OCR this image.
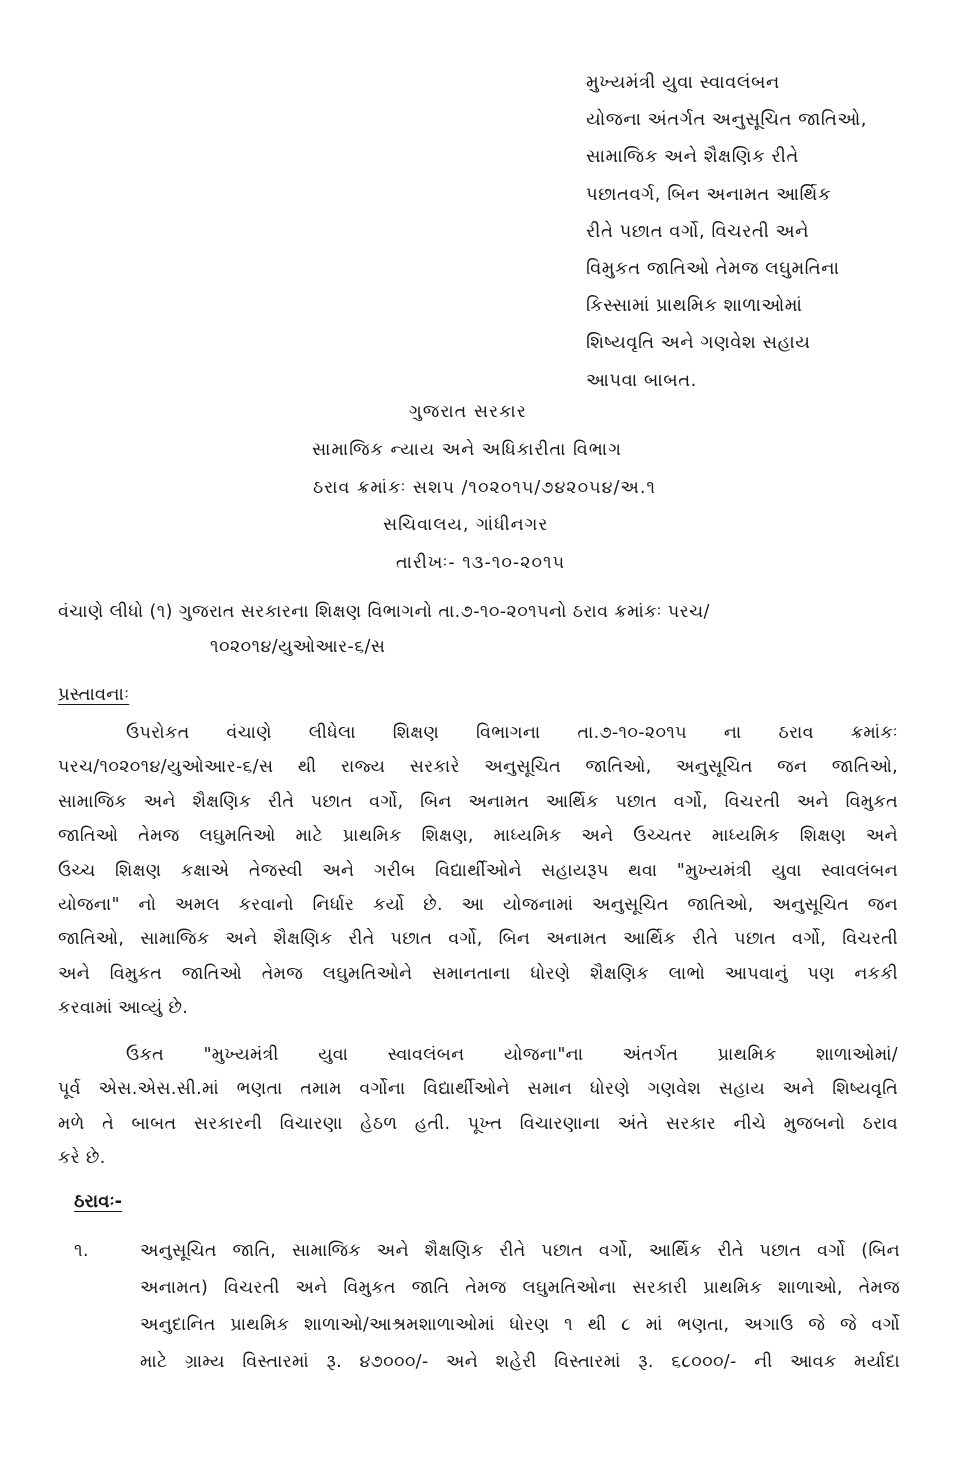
મુખ્યમંત્રી યુવા સ્વાવલંબન
યોજના અંતર્ગત અનુસૂચિત જાતિઓ,
સામાજિક અને શૈક્ષણિક રીતે
પછાતવર્ગ, બિન અનામત આર્થિક
રીતે પછાત વર્ગો, વિચરતી અને
વિમુકત જાતિઓ તેમજ લઘુમતિના
કિસ્સામાં પ્રાથમિક શાળાઓમાં
શિષ્યવૃતિ અને ગણવેશ સહાય
આપવા બાબત.
ગુજરાત સરકાર
સામાજિક ન્યાય અને અધિકારીતા વિભાગ
ઠરાવ ક્રમાંકઃ સશપ /૧૦૨૦૧૫/૭૪૨૦૫૪/અ.૧
સચિવાલય, ગાંધીનગર
તારીખઃ- ૧૩-૧૦-૨૦૧૫
વંચાણે લીધો (૧) ગુજરાત સરકારના શિક્ષણ વિભાગનો તા.૭-૧૦-૨૦૧૫નો ઠરાવ ક્રમાંકઃ પરચ/
૧૦૨૦૧૪/યુઓઆર-૬/સ
પ્રસ્તાવનાઃ
ઉપરોકત વંચાણે લીધેલા શિક્ષણ વિભાગના તા.૭-૧૦-૨૦૧૫ ના ઠરાવ ક્રમાંકઃ
પરચ/૧૦૨૦૧૪/યુઓઆર-૬/સ થી રાજ્ય સરકારે અનુસૂચિત જાતિઓ, અનુસૂચિત જન જાતિઓ,
સામાજિક અને શૈક્ષણિક રીતે પછાત વર્ગો, બિન અનામત આર્થિક પછાત વર્ગો, વિચરતી અને વિમુકત
જાતિઓ તેમજ લઘુમતિઓ માટે પ્રાથમિક શિક્ષણ, માધ્યમિક અને ઉચ્ચતર માધ્યમિક શિક્ષણ અને
ઉચ્ચ શિક્ષણ કક્ષાએ તેજસ્વી અને ગરીબ વિદ્યાર્થીઓને સહાયરૂપ થવા "મુખ્યમંત્રી યુવા સ્વાવલંબન
યોજના" નો અમલ કરવાનો નિર્ધાર કર્યો છે. આ યોજનામાં અનુસૂચિત જાતિઓ, અનુસૂચિત જન
જાતિઓ, સામાજિક અને શૈક્ષણિક રીતે પછાત વર્ગો, બિન અનામત આર્થિક રીતે પછાત વર્ગો, વિચરતી
અને વિમુકત જાતિઓ તેમજ લઘુમતિઓને સમાનતાના ધોરણે શૈક્ષણિક લાભો આપવાનું પણ નકકી
કરવામાં આવ્યું છે.
ઉકત "મુખ્યમંત્રી યુવા સ્વાવલંબન યોજના"ના અંતર્ગત પ્રાથમિક શાળાઓમાં/
પૂર્વ એસ.એસ.સી.માં ભણતા તમામ વર્ગોના વિદ્યાર્થીઓને સમાન ધોરણે ગણવેશ સહાય અને શિષ્યવૃતિ
મળે તે બાબત સરકારની વિચારણા હેઠળ હતી. પૂખ્ત વિચારણાના અંતે સરકાર નીચે મુજબનો ઠરાવ
કરે છે.
ઠરાવઃ-
૧.	અનુસૂચિત જાતિ, સામાજિક અને શૈક્ષણિક રીતે પછાત વર્ગો, આર્થિક રીતે પછાત વર્ગો (બિન
અનામત) વિચરતી અને વિમુકત જાતિ તેમજ લઘુમતિઓના સરકારી પ્રાથમિક શાળાઓ, તેમજ
અનુદાનિત પ્રાથમિક શાળાઓ/આશ્રમશાળાઓમાં ધોરણ ૧ થી ૮ માં ભણતા, અગાઉ જે જે વર્ગો
માટે ગ્રામ્ય વિસ્તારમાં રૂ. ૪૭૦૦૦/- અને શહેરી વિસ્તારમાં રૂ. ૬૮૦૦૦/- ની આવક મર્યાદા
